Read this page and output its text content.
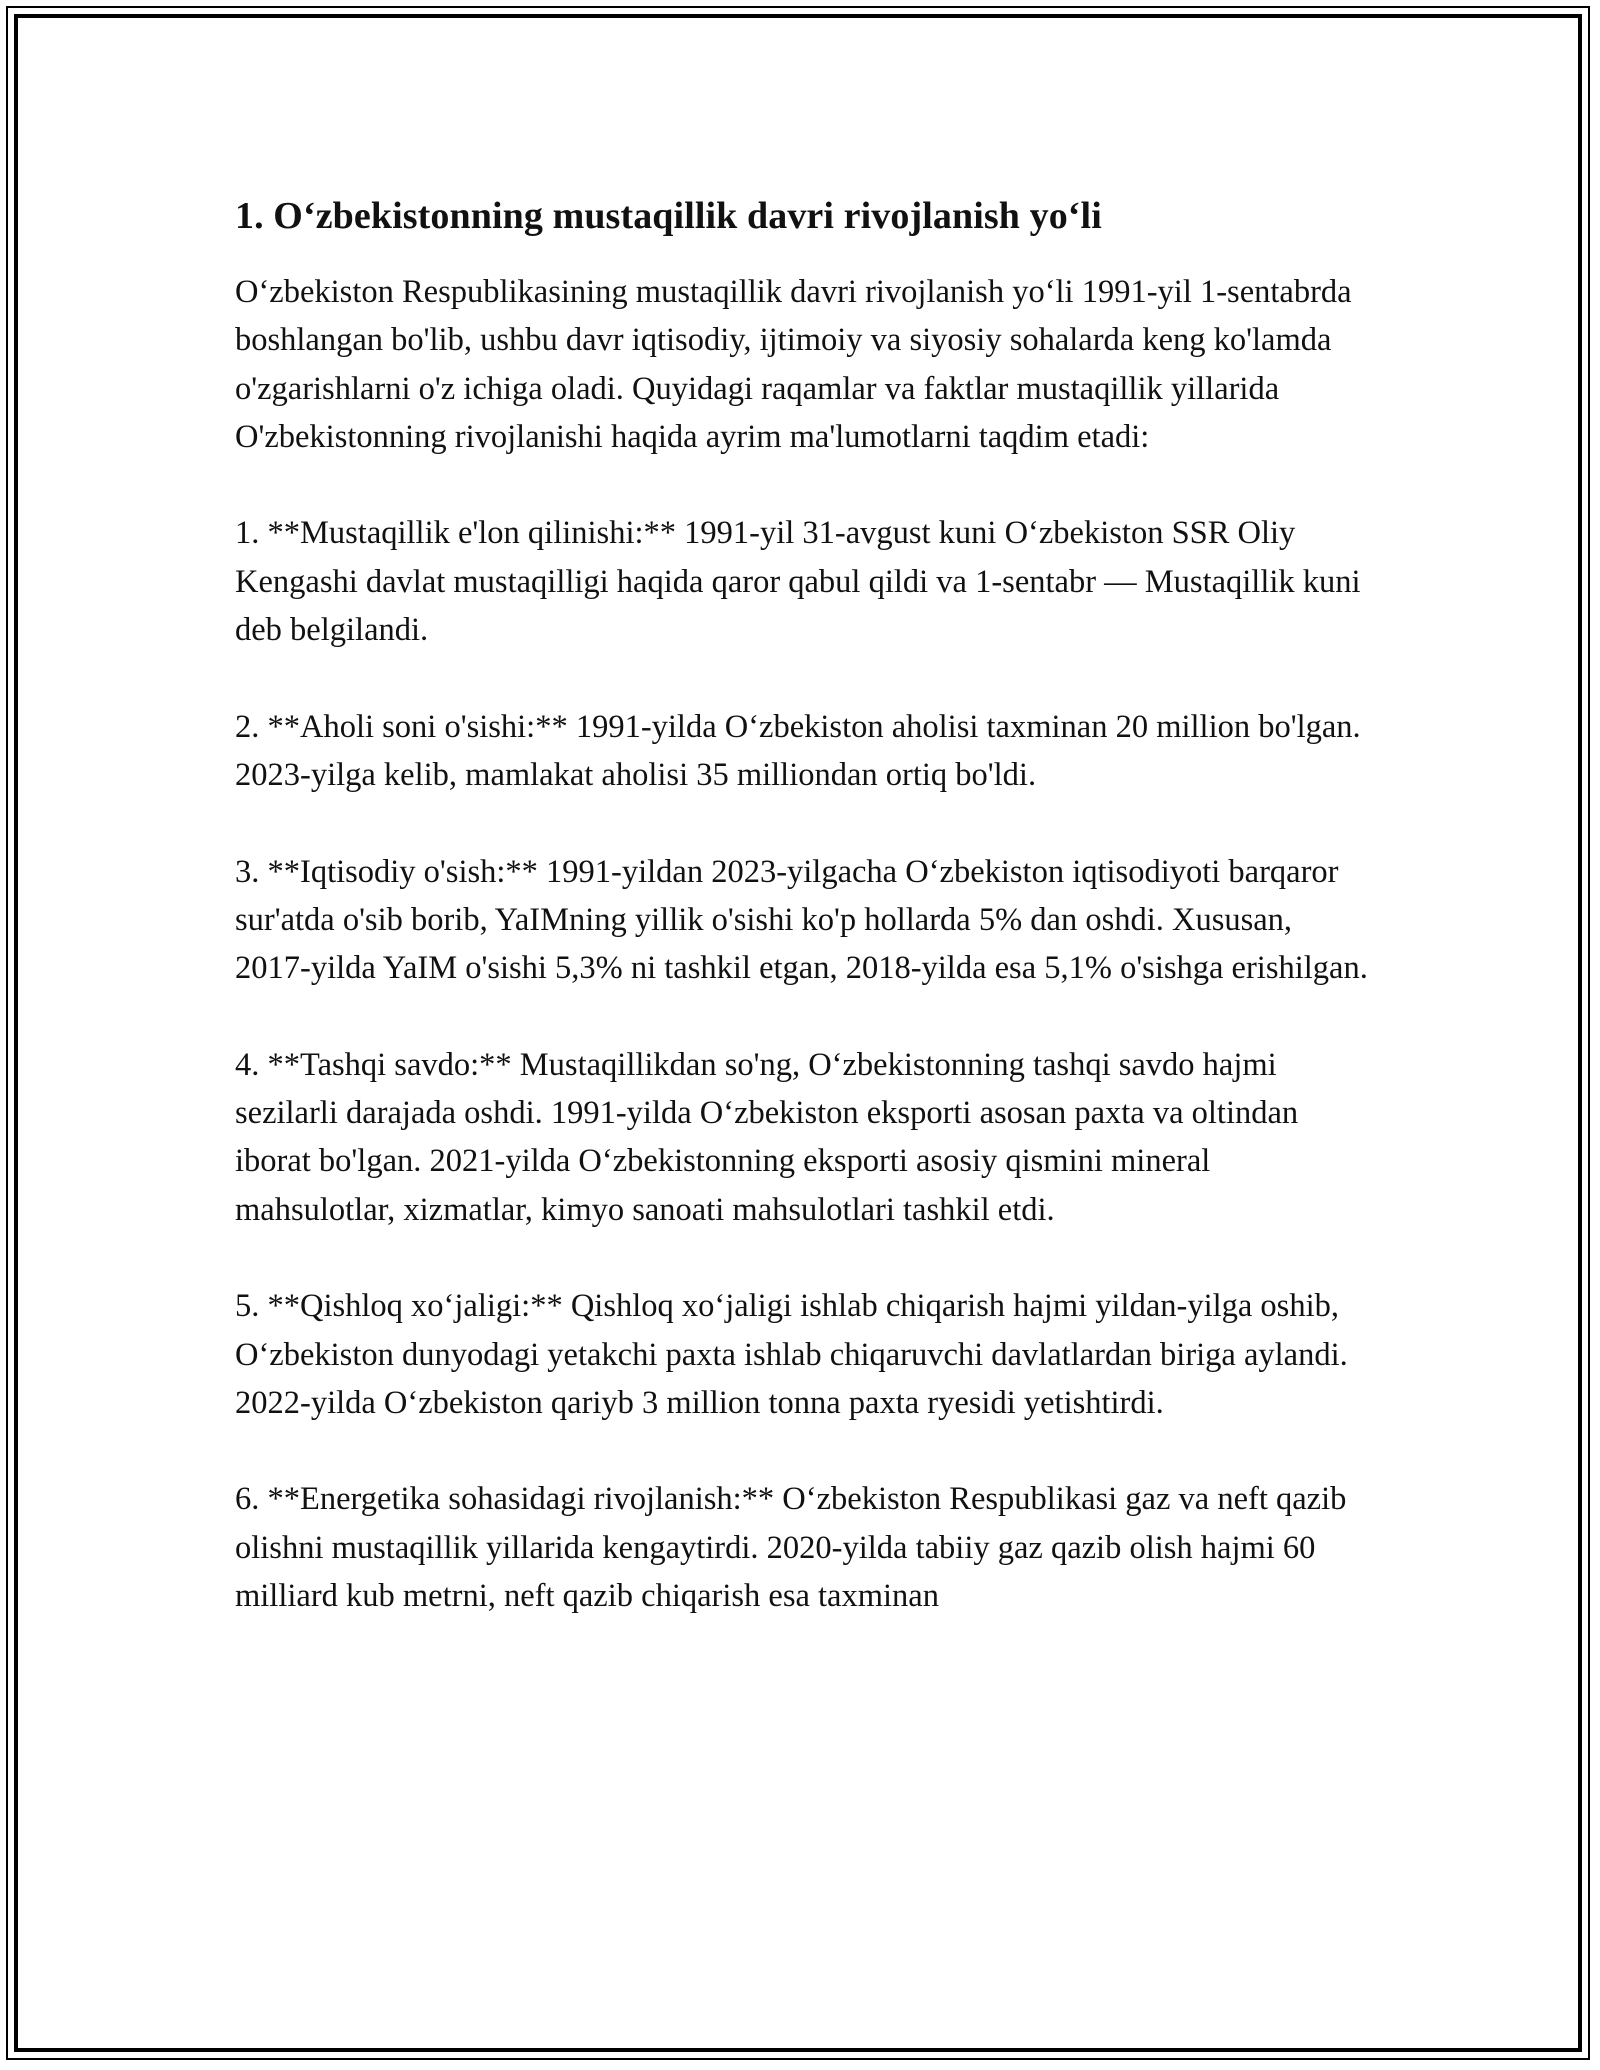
1. O‘zbekistonning mustaqillik davri rivojlanish yo‘li

O‘zbekiston Respublikasining mustaqillik davri rivojlanish yo‘li 1991-yil 1-sentabrda boshlangan bo'lib, ushbu davr iqtisodiy, ijtimoiy va siyosiy sohalarda keng ko'lamda o'zgarishlarni o'z ichiga oladi. Quyidagi raqamlar va faktlar mustaqillik yillarida O'zbekistonning rivojlanishi haqida ayrim ma'lumotlarni taqdim etadi:

1. **Mustaqillik e'lon qilinishi:** 1991-yil 31-avgust kuni O‘zbekiston SSR Oliy Kengashi davlat mustaqilligi haqida qaror qabul qildi va 1-sentabr — Mustaqillik kuni deb belgilandi.

2. **Aholi soni o'sishi:** 1991-yilda O‘zbekiston aholisi taxminan 20 million bo'lgan. 2023-yilga kelib, mamlakat aholisi 35 milliondan ortiq bo'ldi.

3. **Iqtisodiy o'sish:** 1991-yildan 2023-yilgacha O‘zbekiston iqtisodiyoti barqaror sur'atda o'sib borib, YaIMning yillik o'sishi ko'p hollarda 5% dan oshdi. Xususan, 2017-yilda YaIM o'sishi 5,3% ni tashkil etgan, 2018-yilda esa 5,1% o'sishga erishilgan.

4. **Tashqi savdo:** Mustaqillikdan so'ng, O‘zbekistonning tashqi savdo hajmi sezilarli darajada oshdi. 1991-yilda O‘zbekiston eksporti asosan paxta va oltindan iborat bo'lgan. 2021-yilda O‘zbekistonning eksporti asosiy qismini mineral mahsulotlar, xizmatlar, kimyo sanoati mahsulotlari tashkil etdi.

5. **Qishloq xo‘jaligi:** Qishloq xo‘jaligi ishlab chiqarish hajmi yildan-yilga oshib, O‘zbekiston dunyodagi yetakchi paxta ishlab chiqaruvchi davlatlardan biriga aylandi. 2022-yilda O‘zbekiston qariyb 3 million tonna paxta ryesidi yetishtirdi.

6. **Energetika sohasidagi rivojlanish:** O‘zbekiston Respublikasi gaz va neft qazib olishni mustaqillik yillarida kengaytirdi. 2020-yilda tabiiy gaz qazib olish hajmi 60 milliard kub metrni, neft qazib chiqarish esa taxminan
